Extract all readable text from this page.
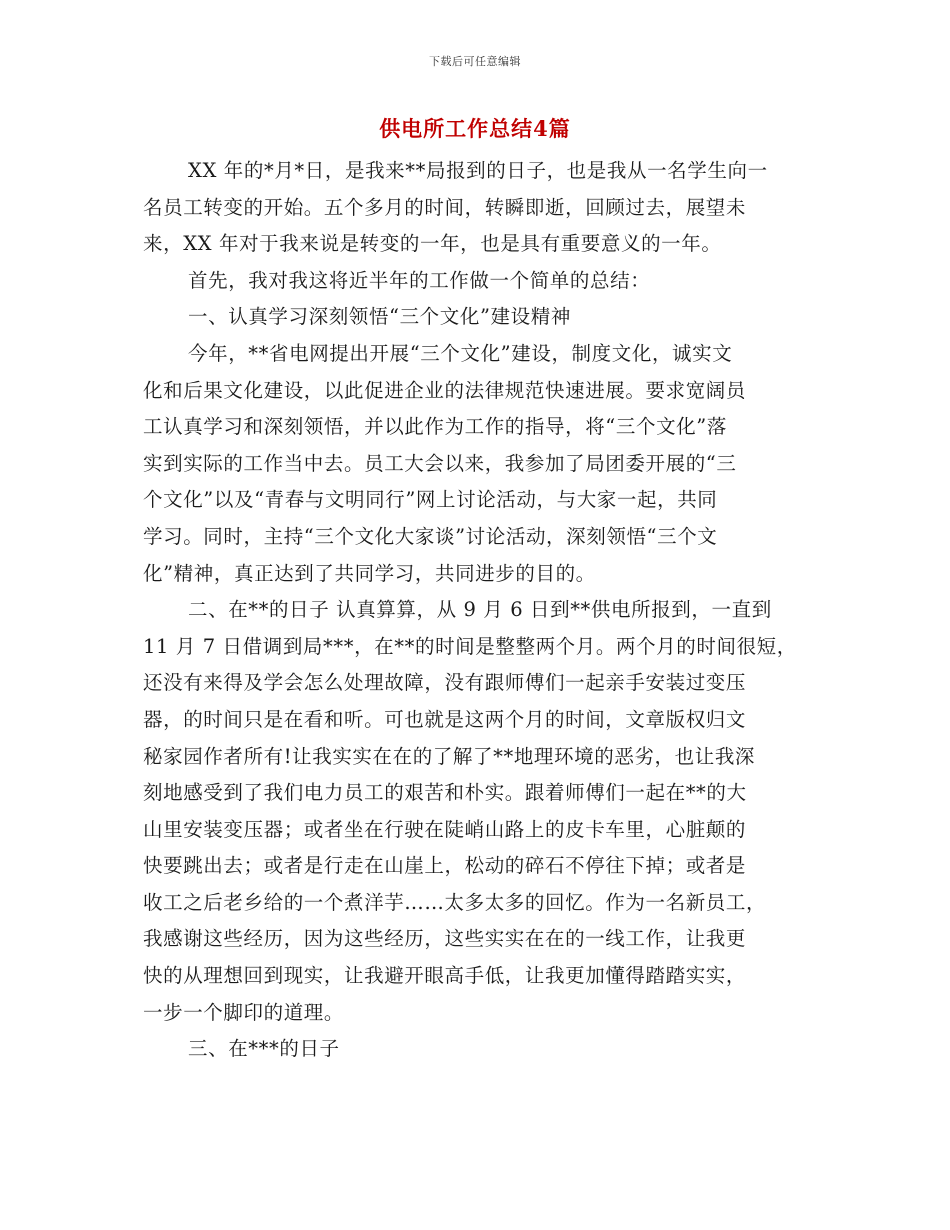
下载后可任意编辑
供电所工作总结4篇
XX 年的*月*日，是我来**局报到的日子，也是我从一名学生向一
名员工转变的开始。五个多月的时间，转瞬即逝，回顾过去，展望未
来，XX 年对于我来说是转变的一年，也是具有重要意义的一年。
首先，我对我这将近半年的工作做一个简单的总结：
一、认真学习深刻领悟“三个文化”建设精神
今年，**省电网提出开展“三个文化”建设，制度文化，诚实文
化和后果文化建设，以此促进企业的法律规范快速进展。要求宽阔员
工认真学习和深刻领悟，并以此作为工作的指导，将“三个文化”落
实到实际的工作当中去。员工大会以来，我参加了局团委开展的“三
个文化”以及“青春与文明同行”网上讨论活动，与大家一起，共同
学习。同时，主持“三个文化大家谈”讨论活动，深刻领悟“三个文
化”精神，真正达到了共同学习，共同进步的目的。
二、在**的日子 认真算算，从 9 月 6 日到**供电所报到，一直到
11 月 7 日借调到局***，在**的时间是整整两个月。两个月的时间很短，
还没有来得及学会怎么处理故障，没有跟师傅们一起亲手安装过变压
器，的时间只是在看和听。可也就是这两个月的时间，文章版权归文
秘家园作者所有!让我实实在在的了解了**地理环境的恶劣，也让我深
刻地感受到了我们电力员工的艰苦和朴实。跟着师傅们一起在**的大
山里安装变压器；或者坐在行驶在陡峭山路上的皮卡车里，心脏颠的
快要跳出去；或者是行走在山崖上，松动的碎石不停往下掉；或者是
收工之后老乡给的一个煮洋芋……太多太多的回忆。作为一名新员工，
我感谢这些经历，因为这些经历，这些实实在在的一线工作，让我更
快的从理想回到现实，让我避开眼高手低，让我更加懂得踏踏实实，
一步一个脚印的道理。
三、在***的日子
